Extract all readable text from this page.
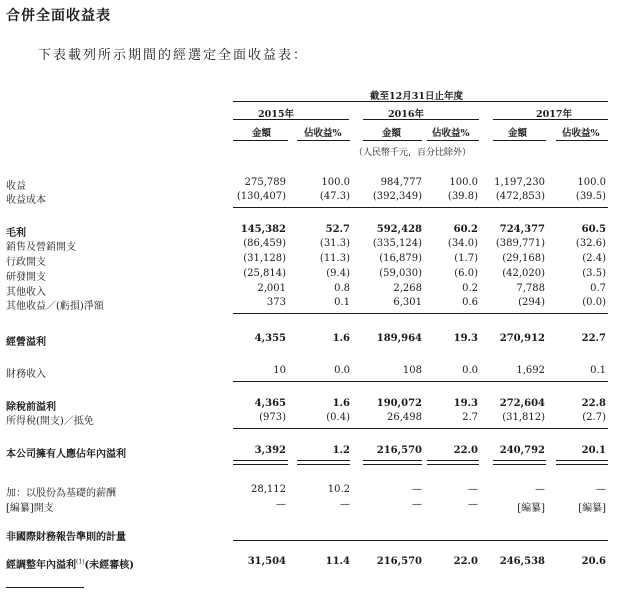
合併全面收益表
下表載列所示期間的經選定全面收益表：
截至12月31日止年度
2015年	2016年	2017年
金額	佔收益%	金額	佔收益%	金額	佔收益%
（人民幣千元，百分比除外）
收益	275,789	100.0	984,777	100.0	1,197,230	100.0
收益成本	(130,407)	(47.3)	(392,349)	(39.8)	(472,853)	(39.5)
毛利	145,382	52.7	592,428	60.2	724,377	60.5
銷售及營銷開支	(86,459)	(31.3)	(335,124)	(34.0)	(389,771)	(32.6)
行政開支	(31,128)	(11.3)	(16,879)	(1.7)	(29,168)	(2.4)
研發開支	(25,814)	(9.4)	(59,030)	(6.0)	(42,020)	(3.5)
其他收入	2,001	0.8	2,268	0.2	7,788	0.7
其他收益／(虧損)淨額	373	0.1	6,301	0.6	(294)	(0.0)
經營溢利	4,355	1.6	189,964	19.3	270,912	22.7
財務收入	10	0.0	108	0.0	1,692	0.1
除稅前溢利	4,365	1.6	190,072	19.3	272,604	22.8
所得稅(開支)／抵免	(973)	(0.4)	26,498	2.7	(31,812)	(2.7)
本公司擁有人應佔年內溢利	3,392	1.2	216,570	22.0	240,792	20.1
加：以股份為基礎的薪酬	28,112	10.2	—	—	—	—
[編纂]開支	—	—	—	—	[編纂]	[編纂]
非國際財務報告準則的計量
經調整年內溢利$^{(1)}$(未經審核)	31,504	11.4	216,570	22.0	246,538	20.6
